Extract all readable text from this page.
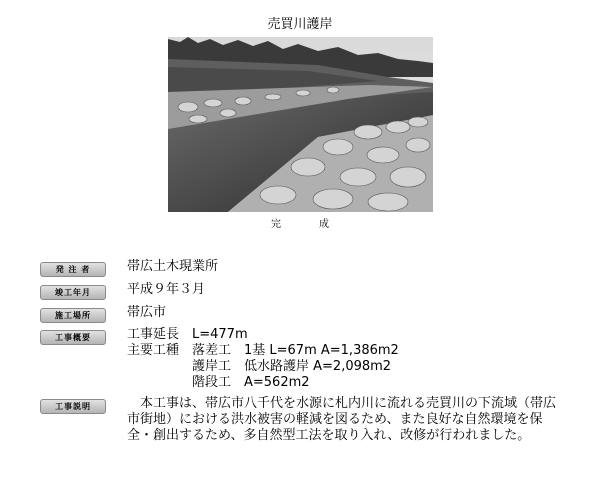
売買川護岸
完　成
発 注 者	帯広土木現業所
竣工年月	平成９年３月
施工場所	帯広市
工事概要	工事延長　L=477m
主要工種　落差工　1基 L=67m A=1,386m2
　　　　　護岸工　低水路護岸 A=2,098m2
　　　　　階段工　A=562m2
工事説明	本工事は、帯広市八千代を水源に札内川に流れる売買川の下流域（帯広市街地）における洪水被害の軽減を図るため、また良好な自然環境を保全・創出するため、多自然型工法を取り入れ、改修が行われました。
